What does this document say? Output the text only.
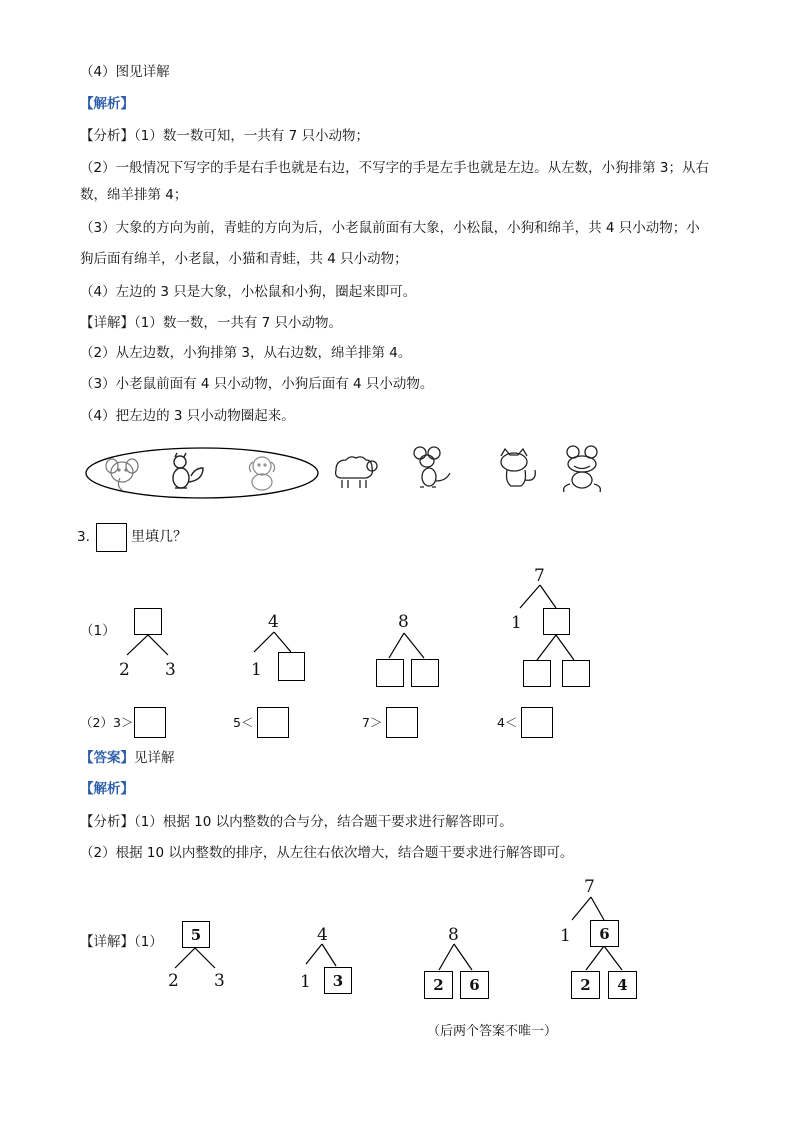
（4）图见详解
【解析】
【分析】（1）数一数可知，一共有 7 只小动物；
（2）一般情况下写字的手是右手也就是右边，不写字的手是左手也就是左边。从左数，小狗排第 3；从右
数，绵羊排第 4；
（3）大象的方向为前，青蛙的方向为后，小老鼠前面有大象，小松鼠，小狗和绵羊，共 4 只小动物；小
狗后面有绵羊，小老鼠，小猫和青蛙，共 4 只小动物；
（4）左边的 3 只是大象，小松鼠和小狗，圈起来即可。
【详解】（1）数一数，一共有 7 只小动物。
（2）从左边数，小狗排第 3，从右边数，绵羊排第 4。
（3）小老鼠前面有 4 只小动物，小狗后面有 4 只小动物。
（4）把左边的 3 只小动物圈起来。
3.	里填几？
（1）
2 3
4
1
8
7
1
（2）3＞	5＜	7＞	4＜
【答案】见详解
【解析】
【分析】（1）根据 10 以内整数的合与分，结合题干要求进行解答即可。
（2）根据 10 以内整数的排序，从左往右依次增大，结合题干要求进行解答即可。
【详解】（1）	5
2 3
4
1	3
8
2	6
7
1	6
2	4
（后两个答案不唯一）
